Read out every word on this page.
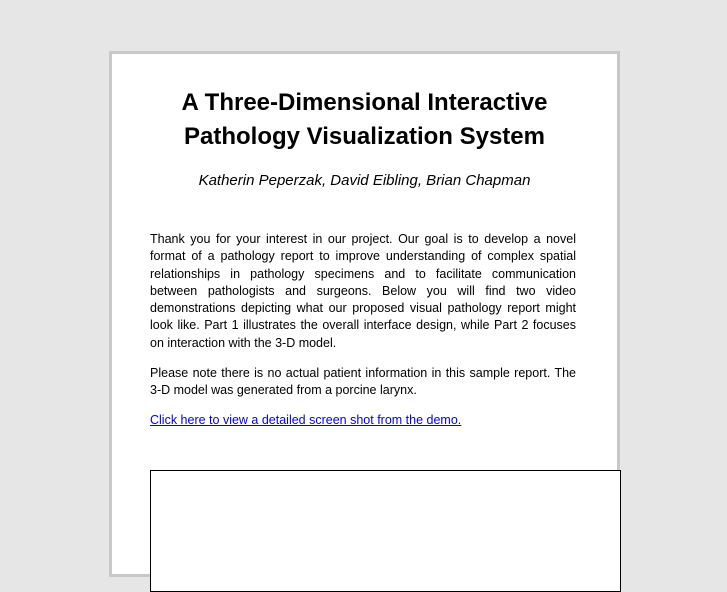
A Three-Dimensional Interactive
Pathology Visualization System

Katherin Peperzak, David Eibling, Brian Chapman

Thank you for your interest in our project. Our goal is to develop a novel format of a pathology report to improve understanding of complex spatial relationships in pathology specimens and to facilitate communication between pathologists and surgeons. Below you will find two video demonstrations depicting what our proposed visual pathology report might look like. Part 1 illustrates the overall interface design, while Part 2 focuses on interaction with the 3-D model.

Please note there is no actual patient information in this sample report. The 3-D model was generated from a porcine larynx.

Click here to view a detailed screen shot from the demo.
